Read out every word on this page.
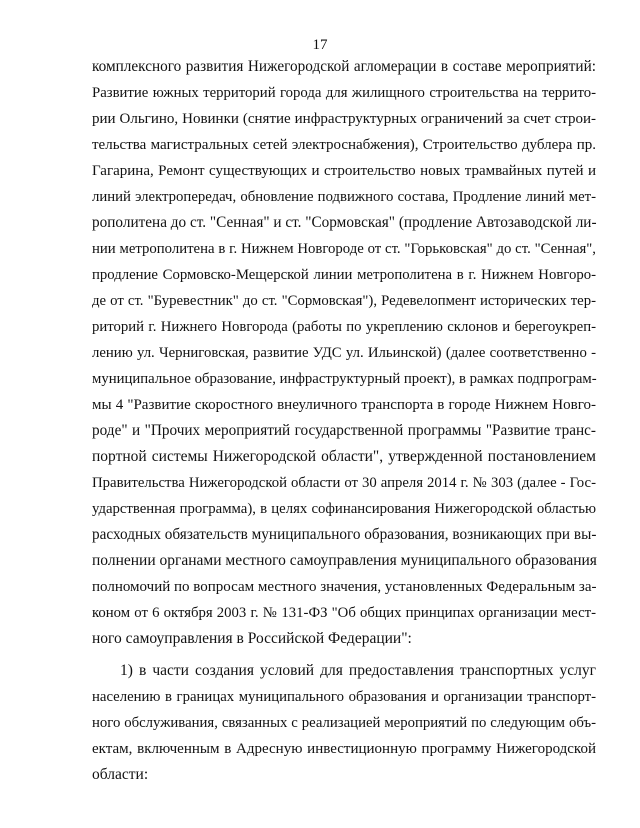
17
комплексного развития Нижегородской агломерации в составе мероприятий:
Развитие южных территорий города для жилищного строительства на террито-
рии Ольгино, Новинки (снятие инфраструктурных ограничений за счет строи-
тельства магистральных сетей электроснабжения), Строительство дублера пр.
Гагарина, Ремонт существующих и строительство новых трамвайных путей и
линий электропередач, обновление подвижного состава, Продление линий мет-
рополитена до ст. "Сенная" и ст. "Сормовская" (продление Автозаводской ли-
нии метрополитена в г. Нижнем Новгороде от ст. "Горьковская" до ст. "Сенная",
продление Сормовско-Мещерской линии метрополитена в г. Нижнем Новгоро-
де от ст. "Буревестник" до ст. "Сормовская"), Редевелопмент исторических тер-
риторий г. Нижнего Новгорода (работы по укреплению склонов и берегоукреп-
лению ул. Черниговская, развитие УДС ул. Ильинской) (далее соответственно -
муниципальное образование, инфраструктурный проект), в рамках подпрограм-
мы 4 "Развитие скоростного внеуличного транспорта в городе Нижнем Новго-
роде" и "Прочих мероприятий государственной программы "Развитие транс-
портной системы Нижегородской области", утвержденной постановлением
Правительства Нижегородской области от 30 апреля 2014 г. № 303 (далее - Гос-
ударственная программа), в целях софинансирования Нижегородской областью
расходных обязательств муниципального образования, возникающих при вы-
полнении органами местного самоуправления муниципального образования
полномочий по вопросам местного значения, установленных Федеральным за-
коном от 6 октября 2003 г. № 131-ФЗ "Об общих принципах организации мест-
ного самоуправления в Российской Федерации":
1) в части создания условий для предоставления транспортных услуг
населению в границах муниципального образования и организации транспорт-
ного обслуживания, связанных с реализацией мероприятий по следующим объ-
ектам, включенным в Адресную инвестиционную программу Нижегородской
области:
